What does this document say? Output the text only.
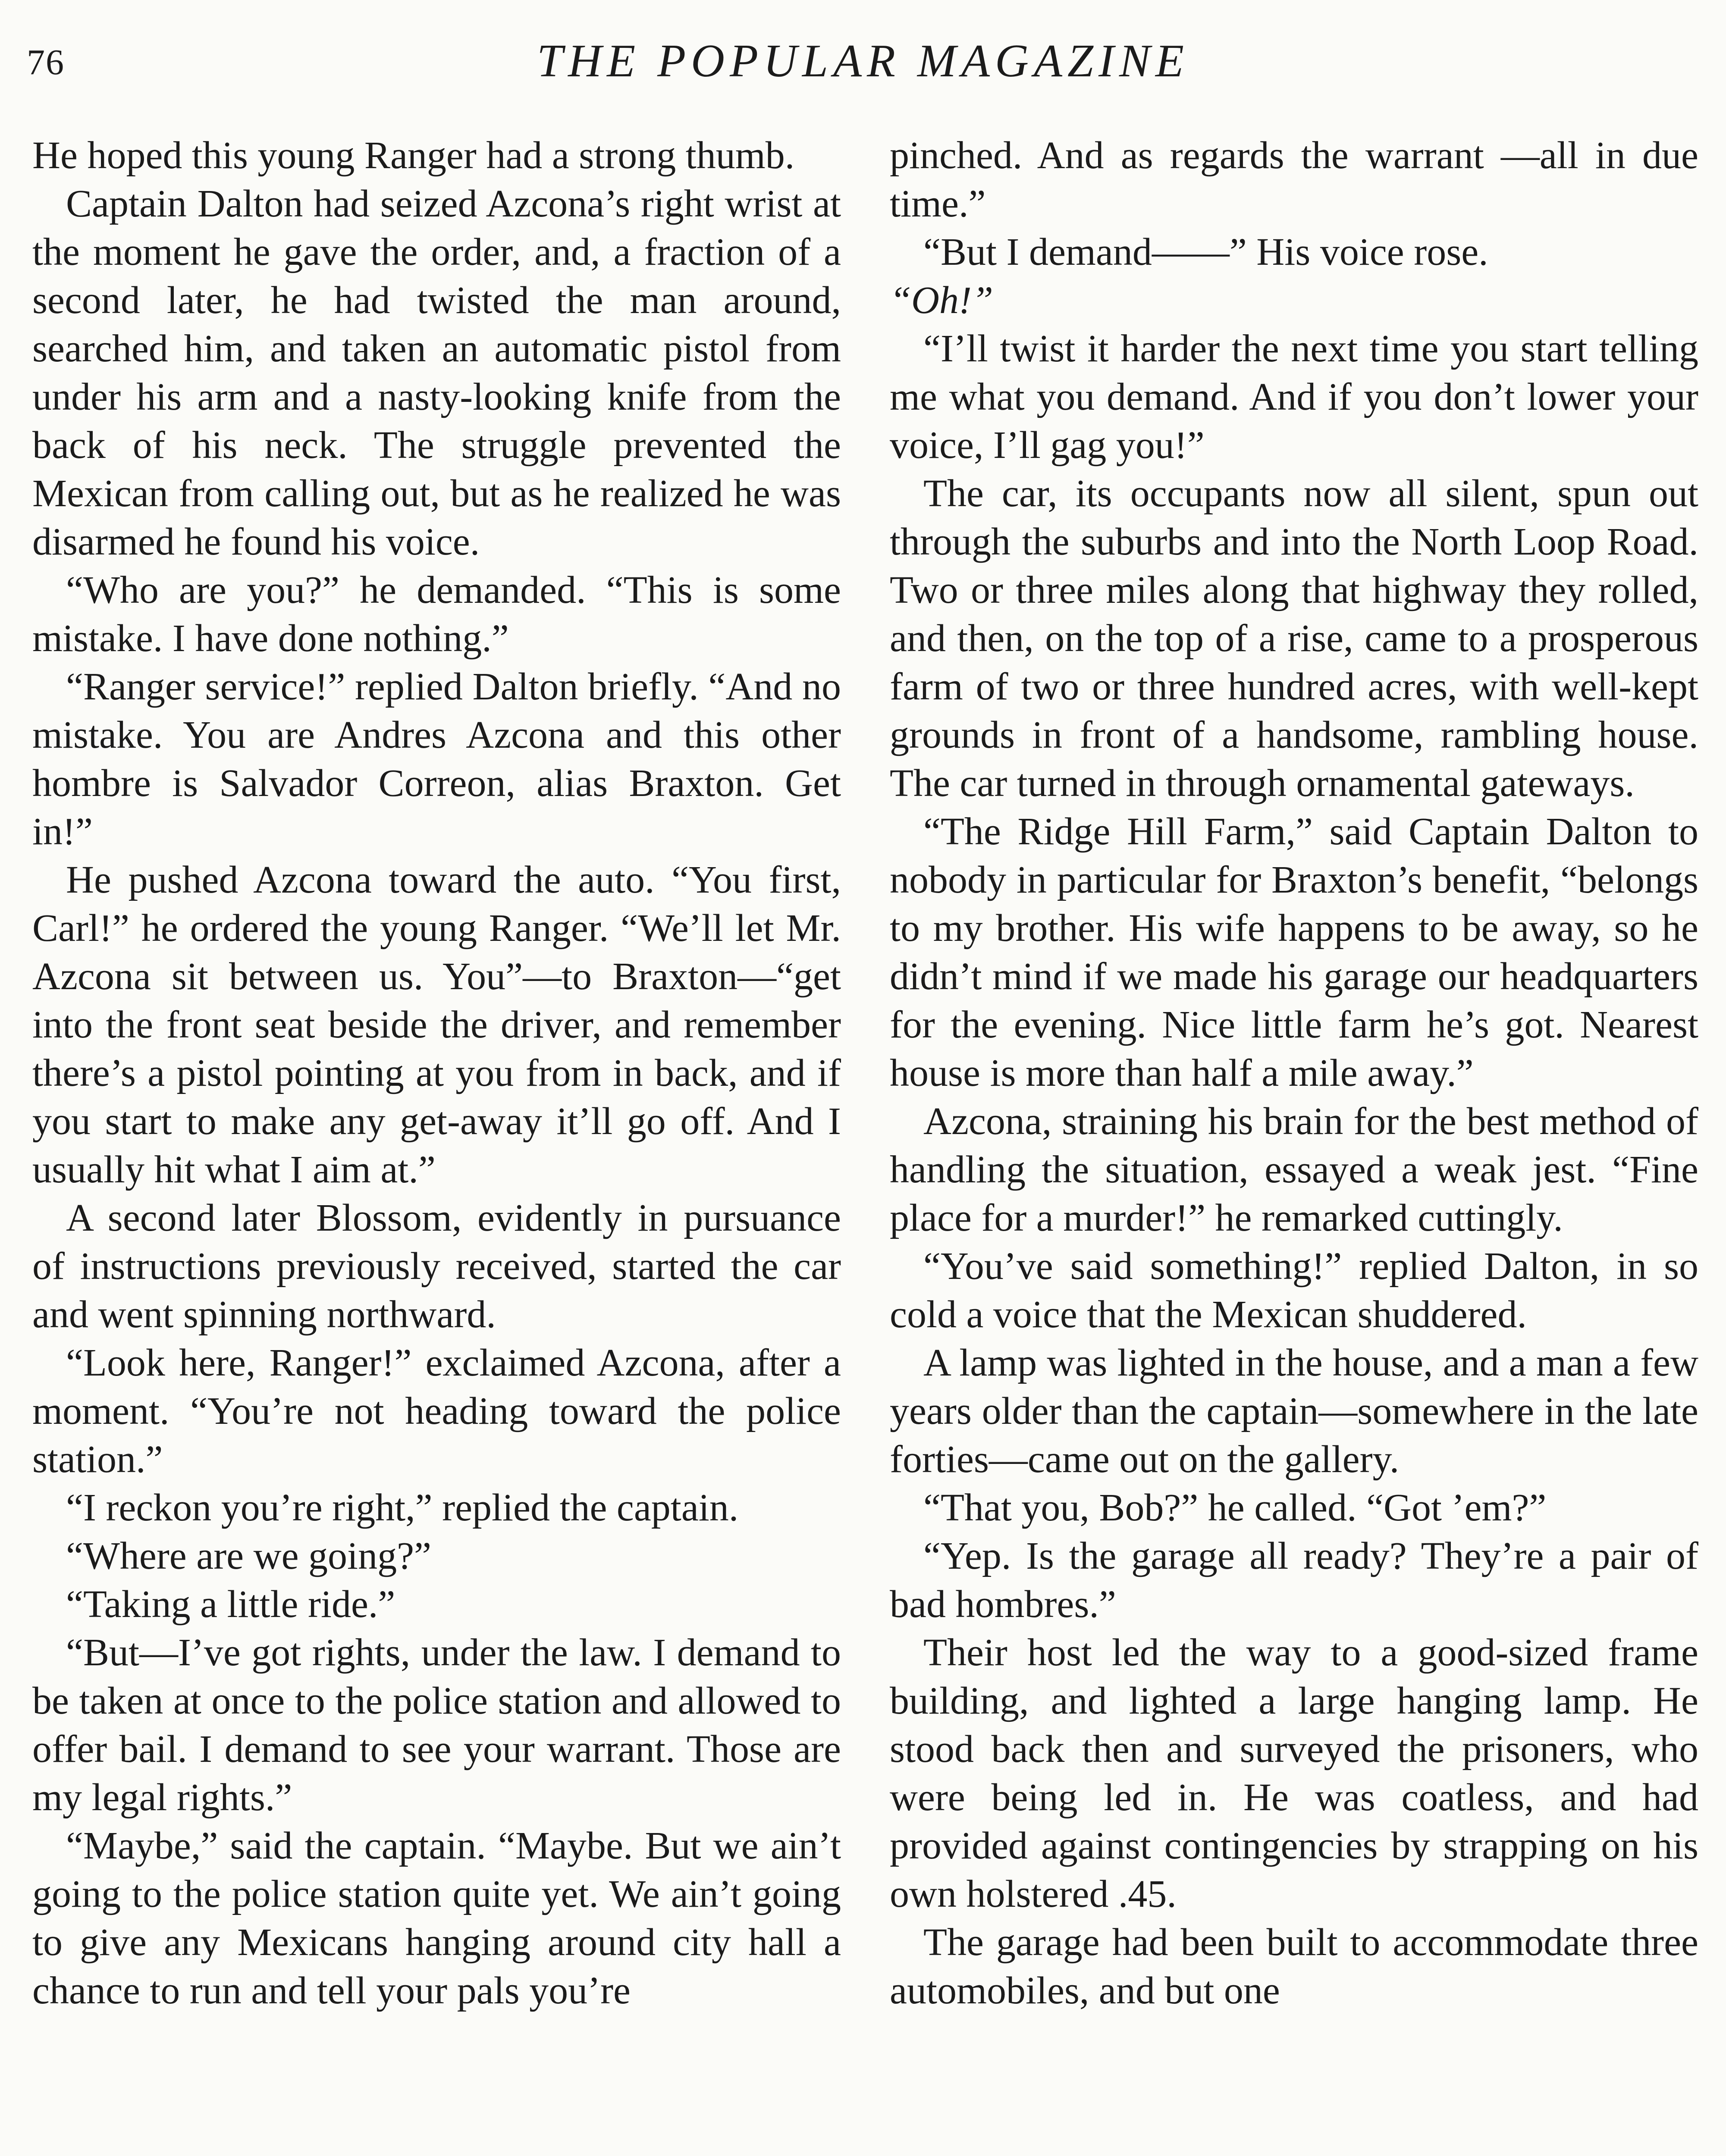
76	THE POPULAR MAGAZINE

He hoped this young Ranger had a strong thumb.

Captain Dalton had seized Azcona’s right wrist at the moment he gave the order, and, a fraction of a second later, he had twisted the man around, searched him, and taken an automatic pistol from under his arm and a nasty-looking knife from the back of his neck. The struggle prevented the Mexican from calling out, but as he realized he was disarmed he found his voice.

“Who are you?” he demanded. “This is some mistake. I have done nothing.”

“Ranger service!” replied Dalton briefly. “And no mistake. You are Andres Azcona and this other hombre is Salvador Correon, alias Braxton. Get in!”

He pushed Azcona toward the auto. “You first, Carl!” he ordered the young Ranger. “We’ll let Mr. Azcona sit between us. You”—to Braxton—“get into the front seat beside the driver, and remember there’s a pistol pointing at you from in back, and if you start to make any get-away it’ll go off. And I usually hit what I aim at.”

A second later Blossom, evidently in pursuance of instructions previously received, started the car and went spinning northward.

“Look here, Ranger!” exclaimed Azcona, after a moment. “You’re not heading toward the police station.”

“I reckon you’re right,” replied the captain.

“Where are we going?”

“Taking a little ride.”

“But—I’ve got rights, under the law. I demand to be taken at once to the police station and allowed to offer bail. I demand to see your warrant. Those are my legal rights.”

“Maybe,” said the captain. “Maybe. But we ain’t going to the police station quite yet. We ain’t going to give any Mexicans hanging around city hall a chance to run and tell your pals you’re

pinched. And as regards the warrant —all in due time.”

“But I demand——” His voice rose.

“Oh!”

“I’ll twist it harder the next time you start telling me what you demand. And if you don’t lower your voice, I’ll gag you!”

The car, its occupants now all silent, spun out through the suburbs and into the North Loop Road. Two or three miles along that highway they rolled, and then, on the top of a rise, came to a prosperous farm of two or three hundred acres, with well-kept grounds in front of a handsome, rambling house. The car turned in through ornamental gateways.

“The Ridge Hill Farm,” said Captain Dalton to nobody in particular for Braxton’s benefit, “belongs to my brother. His wife happens to be away, so he didn’t mind if we made his garage our headquarters for the evening. Nice little farm he’s got. Nearest house is more than half a mile away.”

Azcona, straining his brain for the best method of handling the situation, essayed a weak jest. “Fine place for a murder!” he remarked cuttingly.

“You’ve said something!” replied Dalton, in so cold a voice that the Mexican shuddered.

A lamp was lighted in the house, and a man a few years older than the captain—somewhere in the late forties—came out on the gallery.

“That you, Bob?” he called. “Got ’em?”

“Yep. Is the garage all ready? They’re a pair of bad hombres.”

Their host led the way to a good-sized frame building, and lighted a large hanging lamp. He stood back then and surveyed the prisoners, who were being led in. He was coatless, and had provided against contingencies by strapping on his own holstered .45.

The garage had been built to accommodate three automobiles, and but one
